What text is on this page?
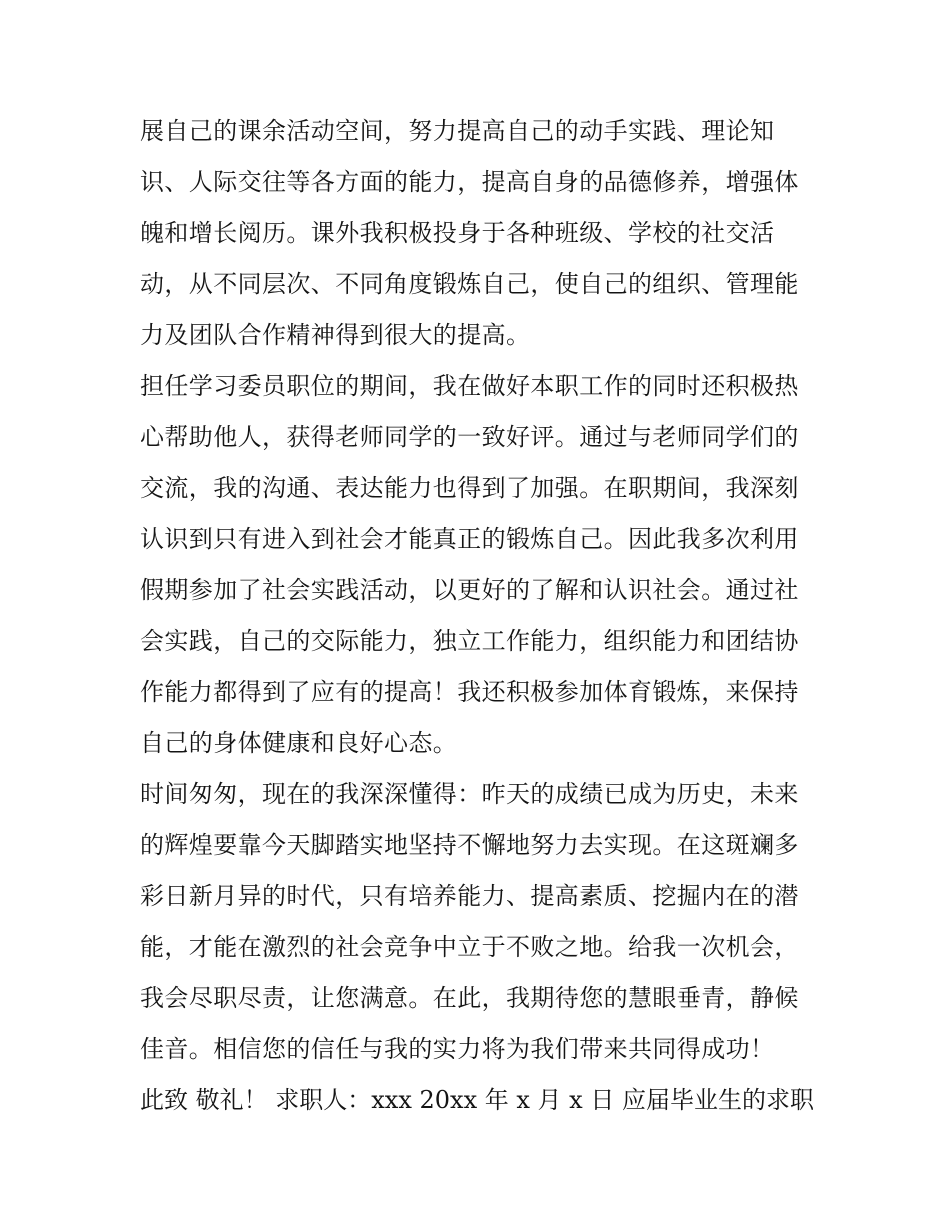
展自己的课余活动空间，努力提高自己的动手实践、理论知
识、人际交往等各方面的能力，提高自身的品德修养，增强体
魄和增长阅历。课外我积极投身于各种班级、学校的社交活
动，从不同层次、不同角度锻炼自己，使自己的组织、管理能
力及团队合作精神得到很大的提高。
担任学习委员职位的期间，我在做好本职工作的同时还积极热
心帮助他人，获得老师同学的一致好评。通过与老师同学们的
交流，我的沟通、表达能力也得到了加强。在职期间，我深刻
认识到只有进入到社会才能真正的锻炼自己。因此我多次利用
假期参加了社会实践活动，以更好的了解和认识社会。通过社
会实践，自己的交际能力，独立工作能力，组织能力和团结协
作能力都得到了应有的提高！我还积极参加体育锻炼，来保持
自己的身体健康和良好心态。
时间匆匆，现在的我深深懂得：昨天的成绩已成为历史，未来
的辉煌要靠今天脚踏实地坚持不懈地努力去实现。在这斑斓多
彩日新月异的时代，只有培养能力、提高素质、挖掘内在的潜
能，才能在激烈的社会竞争中立于不败之地。给我一次机会，
我会尽职尽责，让您满意。在此，我期待您的慧眼垂青，静候
佳音。相信您的信任与我的实力将为我们带来共同得成功！
此致 敬礼！ 求职人：xxx 20xx 年 x 月 x 日 应届毕业生的求职
